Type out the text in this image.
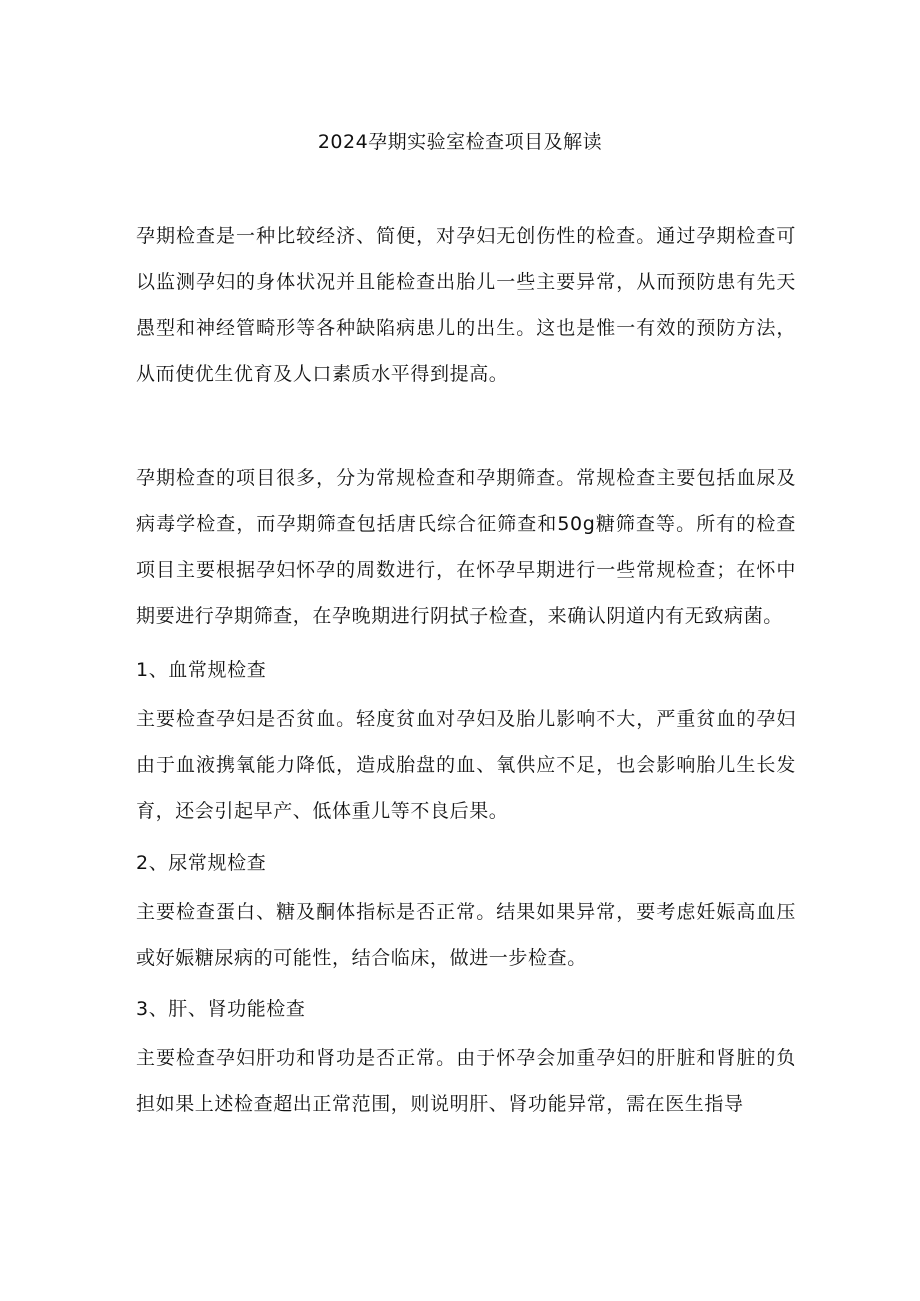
2024孕期实验室检查项目及解读

孕期检查是一种比较经济、简便，对孕妇无创伤性的检查。通过孕期检查可以监测孕妇的身体状况并且能检查出胎儿一些主要异常，从而预防患有先天愚型和神经管畸形等各种缺陷病患儿的出生。这也是惟一有效的预防方法，从而使优生优育及人口素质水平得到提高。

孕期检查的项目很多，分为常规检查和孕期筛查。常规检查主要包括血尿及病毒学检查，而孕期筛查包括唐氏综合征筛查和50g糖筛查等。所有的检查项目主要根据孕妇怀孕的周数进行，在怀孕早期进行一些常规检查；在怀中期要进行孕期筛查，在孕晚期进行阴拭子检查，来确认阴道内有无致病菌。

1、血常规检查

主要检查孕妇是否贫血。轻度贫血对孕妇及胎儿影响不大，严重贫血的孕妇由于血液携氧能力降低，造成胎盘的血、氧供应不足，也会影响胎儿生长发育，还会引起早产、低体重儿等不良后果。

2、尿常规检查

主要检查蛋白、糖及酮体指标是否正常。结果如果异常，要考虑妊娠高血压或好娠糖尿病的可能性，结合临床，做进一步检查。

3、肝、肾功能检查

主要检查孕妇肝功和肾功是否正常。由于怀孕会加重孕妇的肝脏和肾脏的负担如果上述检查超出正常范围，则说明肝、肾功能异常，需在医生指导
